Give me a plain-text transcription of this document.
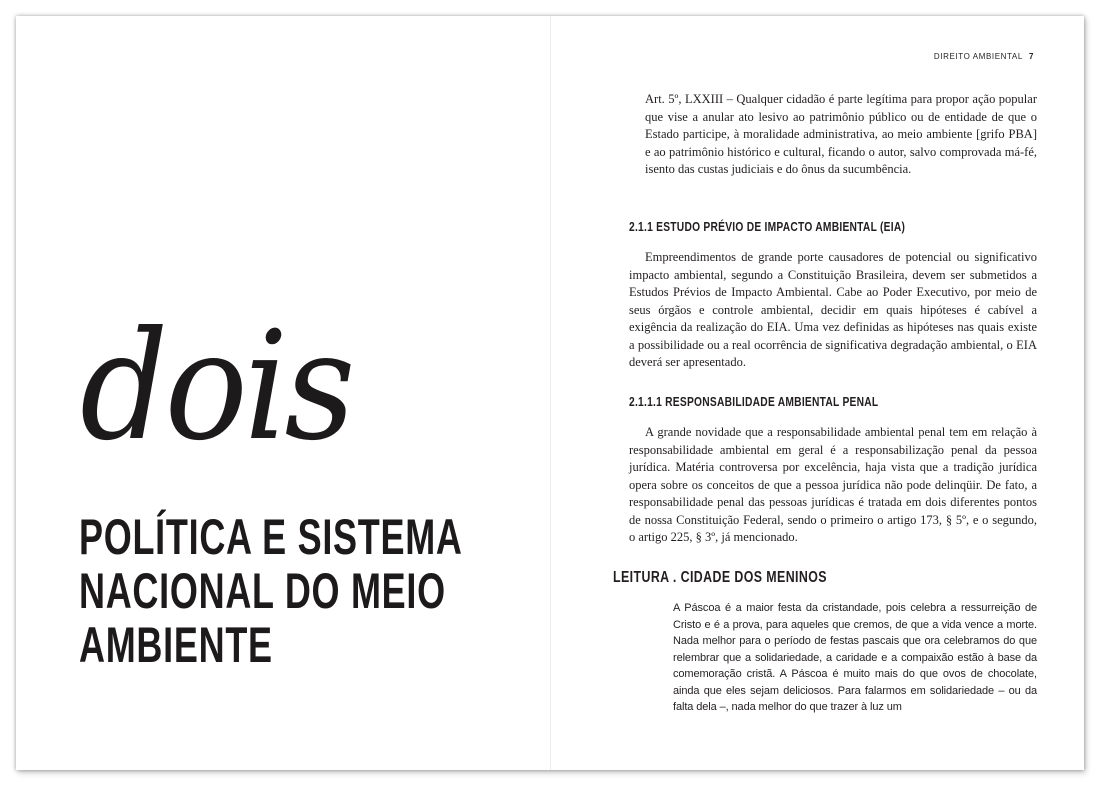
dois
POLÍTICA E SISTEMA
NACIONAL DO MEIO
AMBIENTE
DIREITO AMBIENTAL 7
Art. 5º, LXXIII – Qualquer cidadão é parte legítima para propor ação popular que vise a anular ato lesivo ao patrimônio público ou de entidade de que o Estado participe, à moralidade administrativa, ao meio ambiente [grifo PBA] e ao patrimônio histórico e cultural, ficando o autor, salvo comprovada má-fé, isento das custas judiciais e do ônus da sucumbência.
2.1.1 ESTUDO PRÉVIO DE IMPACTO AMBIENTAL (EIA)
Empreendimentos de grande porte causadores de potencial ou significativo impacto ambiental, segundo a Constituição Brasileira, devem ser submetidos a Estudos Prévios de Impacto Ambiental. Cabe ao Poder Executivo, por meio de seus órgãos e controle ambiental, decidir em quais hipóteses é cabível a exigência da realização do EIA. Uma vez definidas as hipóteses nas quais existe a possibilidade ou a real ocorrência de significativa degradação ambiental, o EIA deverá ser apresentado.
2.1.1.1 RESPONSABILIDADE AMBIENTAL PENAL
A grande novidade que a responsabilidade ambiental penal tem em relação à responsabilidade ambiental em geral é a responsabilização penal da pessoa jurídica. Matéria controversa por excelência, haja vista que a tradição jurídica opera sobre os conceitos de que a pessoa jurídica não pode delinqüir. De fato, a responsabilidade penal das pessoas jurídicas é tratada em dois diferentes pontos de nossa Constituição Federal, sendo o primeiro o artigo 173, § 5º, e o segundo, o artigo 225, § 3º, já mencionado.
LEITURA . CIDADE DOS MENINOS
A Páscoa é a maior festa da cristandade, pois celebra a ressurreição de Cristo e é a prova, para aqueles que cremos, de que a vida vence a morte. Nada melhor para o período de festas pascais que ora celebramos do que relembrar que a solidariedade, a caridade e a compaixão estão à base da comemoração cristã. A Páscoa é muito mais do que ovos de chocolate, ainda que eles sejam deliciosos. Para falarmos em solidariedade – ou da falta dela –, nada melhor do que trazer à luz um
